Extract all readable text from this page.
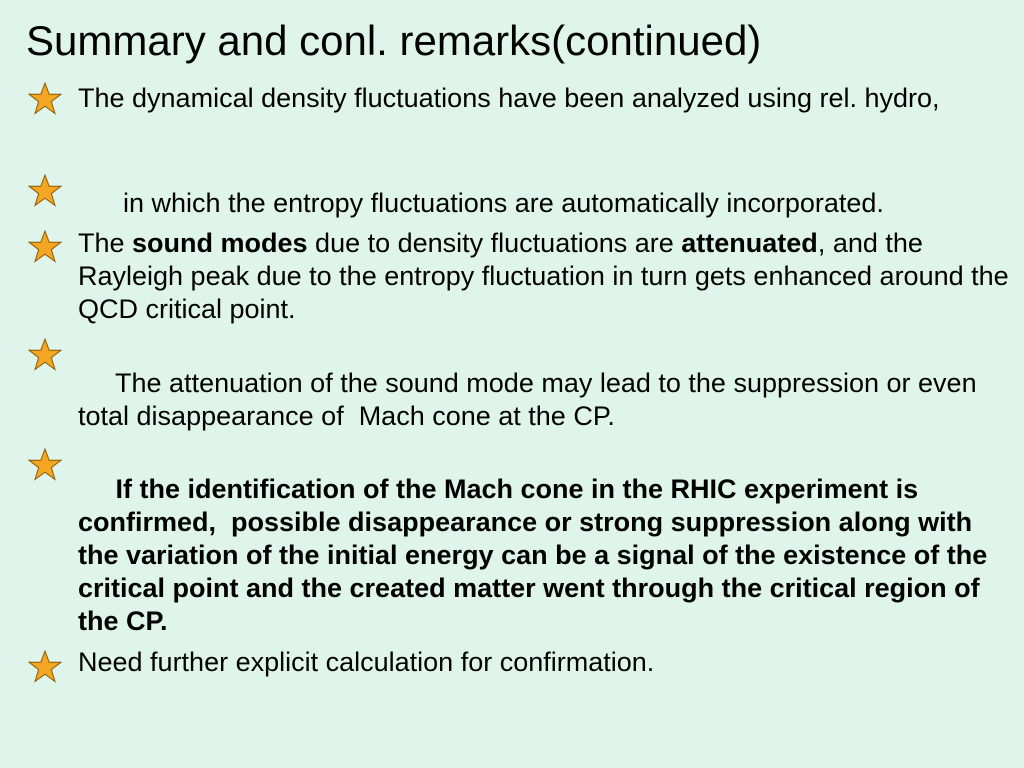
Summary and conl. remarks(continued)
The dynamical density fluctuations have been analyzed using rel. hydro,

in which the entropy fluctuations are automatically incorporated.

The sound modes due to density fluctuations are attenuated, and the Rayleigh peak due to the entropy fluctuation in turn gets enhanced around the QCD critical point.

The attenuation of the sound mode may lead to the suppression or even total disappearance of  Mach cone at the CP.

If the identification of the Mach cone in the RHIC experiment is confirmed,  possible disappearance or strong suppression along with the variation of the initial energy can be a signal of the existence of the critical point and the created matter went through the critical region of the CP.

Need further explicit calculation for confirmation.
